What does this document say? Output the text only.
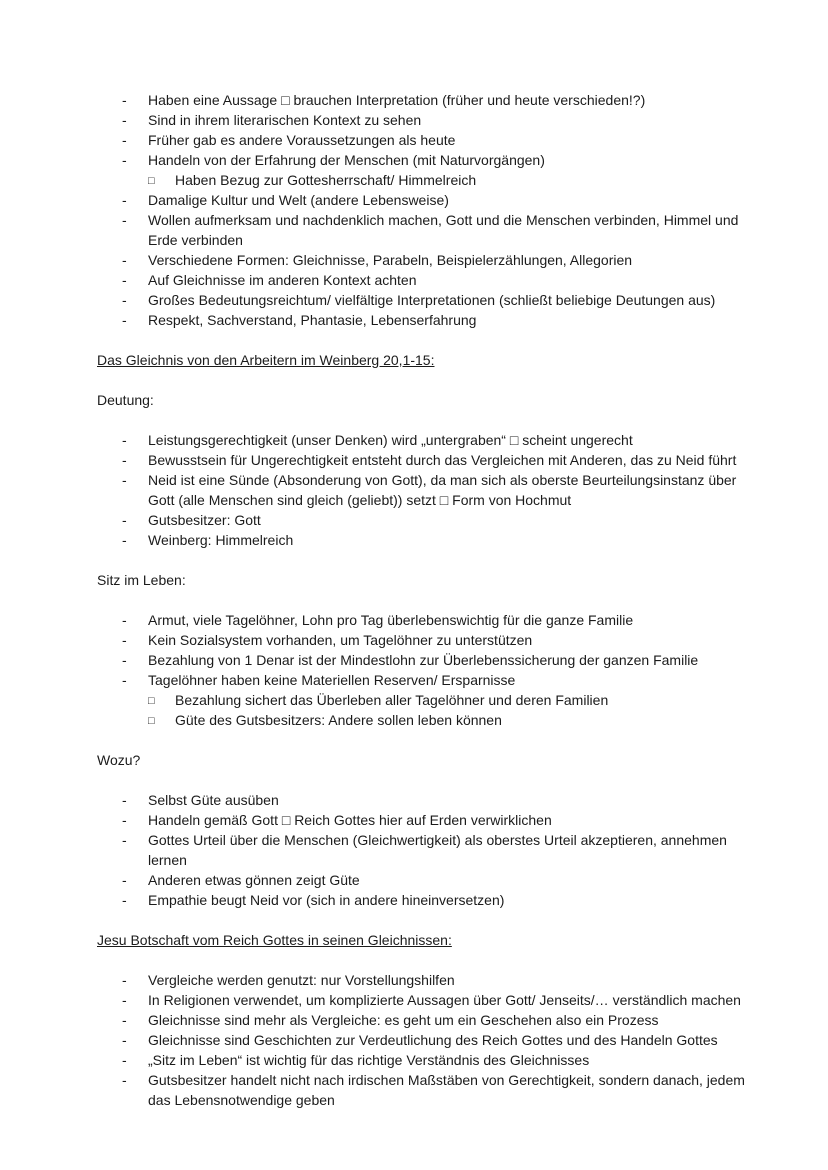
- Haben eine Aussage □ brauchen Interpretation (früher und heute verschieden!?)
- Sind in ihrem literarischen Kontext zu sehen
- Früher gab es andere Voraussetzungen als heute
- Handeln von der Erfahrung der Menschen (mit Naturvorgängen)
□ Haben Bezug zur Gottesherrschaft/ Himmelreich
- Damalige Kultur und Welt (andere Lebensweise)
- Wollen aufmerksam und nachdenklich machen, Gott und die Menschen verbinden, Himmel und Erde verbinden
- Verschiedene Formen: Gleichnisse, Parabeln, Beispielerzählungen, Allegorien
- Auf Gleichnisse im anderen Kontext achten
- Großes Bedeutungsreichtum/ vielfältige Interpretationen (schließt beliebige Deutungen aus)
- Respekt, Sachverstand, Phantasie, Lebenserfahrung
Das Gleichnis von den Arbeitern im Weinberg 20,1-15:

Deutung:

- Leistungsgerechtigkeit (unser Denken) wird „untergraben“ □ scheint ungerecht
- Bewusstsein für Ungerechtigkeit entsteht durch das Vergleichen mit Anderen, das zu Neid führt
- Neid ist eine Sünde (Absonderung von Gott), da man sich als oberste Beurteilungsinstanz über Gott (alle Menschen sind gleich (geliebt)) setzt □ Form von Hochmut
- Gutsbesitzer: Gott
- Weinberg: Himmelreich

Sitz im Leben:

- Armut, viele Tagelöhner, Lohn pro Tag überlebenswichtig für die ganze Familie
- Kein Sozialsystem vorhanden, um Tagelöhner zu unterstützen
- Bezahlung von 1 Denar ist der Mindestlohn zur Überlebenssicherung der ganzen Familie
- Tagelöhner haben keine Materiellen Reserven/ Ersparnisse
□ Bezahlung sichert das Überleben aller Tagelöhner und deren Familien
□ Güte des Gutsbesitzers: Andere sollen leben können

Wozu?

- Selbst Güte ausüben
- Handeln gemäß Gott □ Reich Gottes hier auf Erden verwirklichen
- Gottes Urteil über die Menschen (Gleichwertigkeit) als oberstes Urteil akzeptieren, annehmen lernen
- Anderen etwas gönnen zeigt Güte
- Empathie beugt Neid vor (sich in andere hineinversetzen)
Jesu Botschaft vom Reich Gottes in seinen Gleichnissen:
- Vergleiche werden genutzt: nur Vorstellungshilfen
- In Religionen verwendet, um komplizierte Aussagen über Gott/ Jenseits/… verständlich machen
- Gleichnisse sind mehr als Vergleiche: es geht um ein Geschehen also ein Prozess
- Gleichnisse sind Geschichten zur Verdeutlichung des Reich Gottes und des Handeln Gottes
- „Sitz im Leben“ ist wichtig für das richtige Verständnis des Gleichnisses
- Gutsbesitzer handelt nicht nach irdischen Maßstäben von Gerechtigkeit, sondern danach, jedem das Lebensnotwendige geben
